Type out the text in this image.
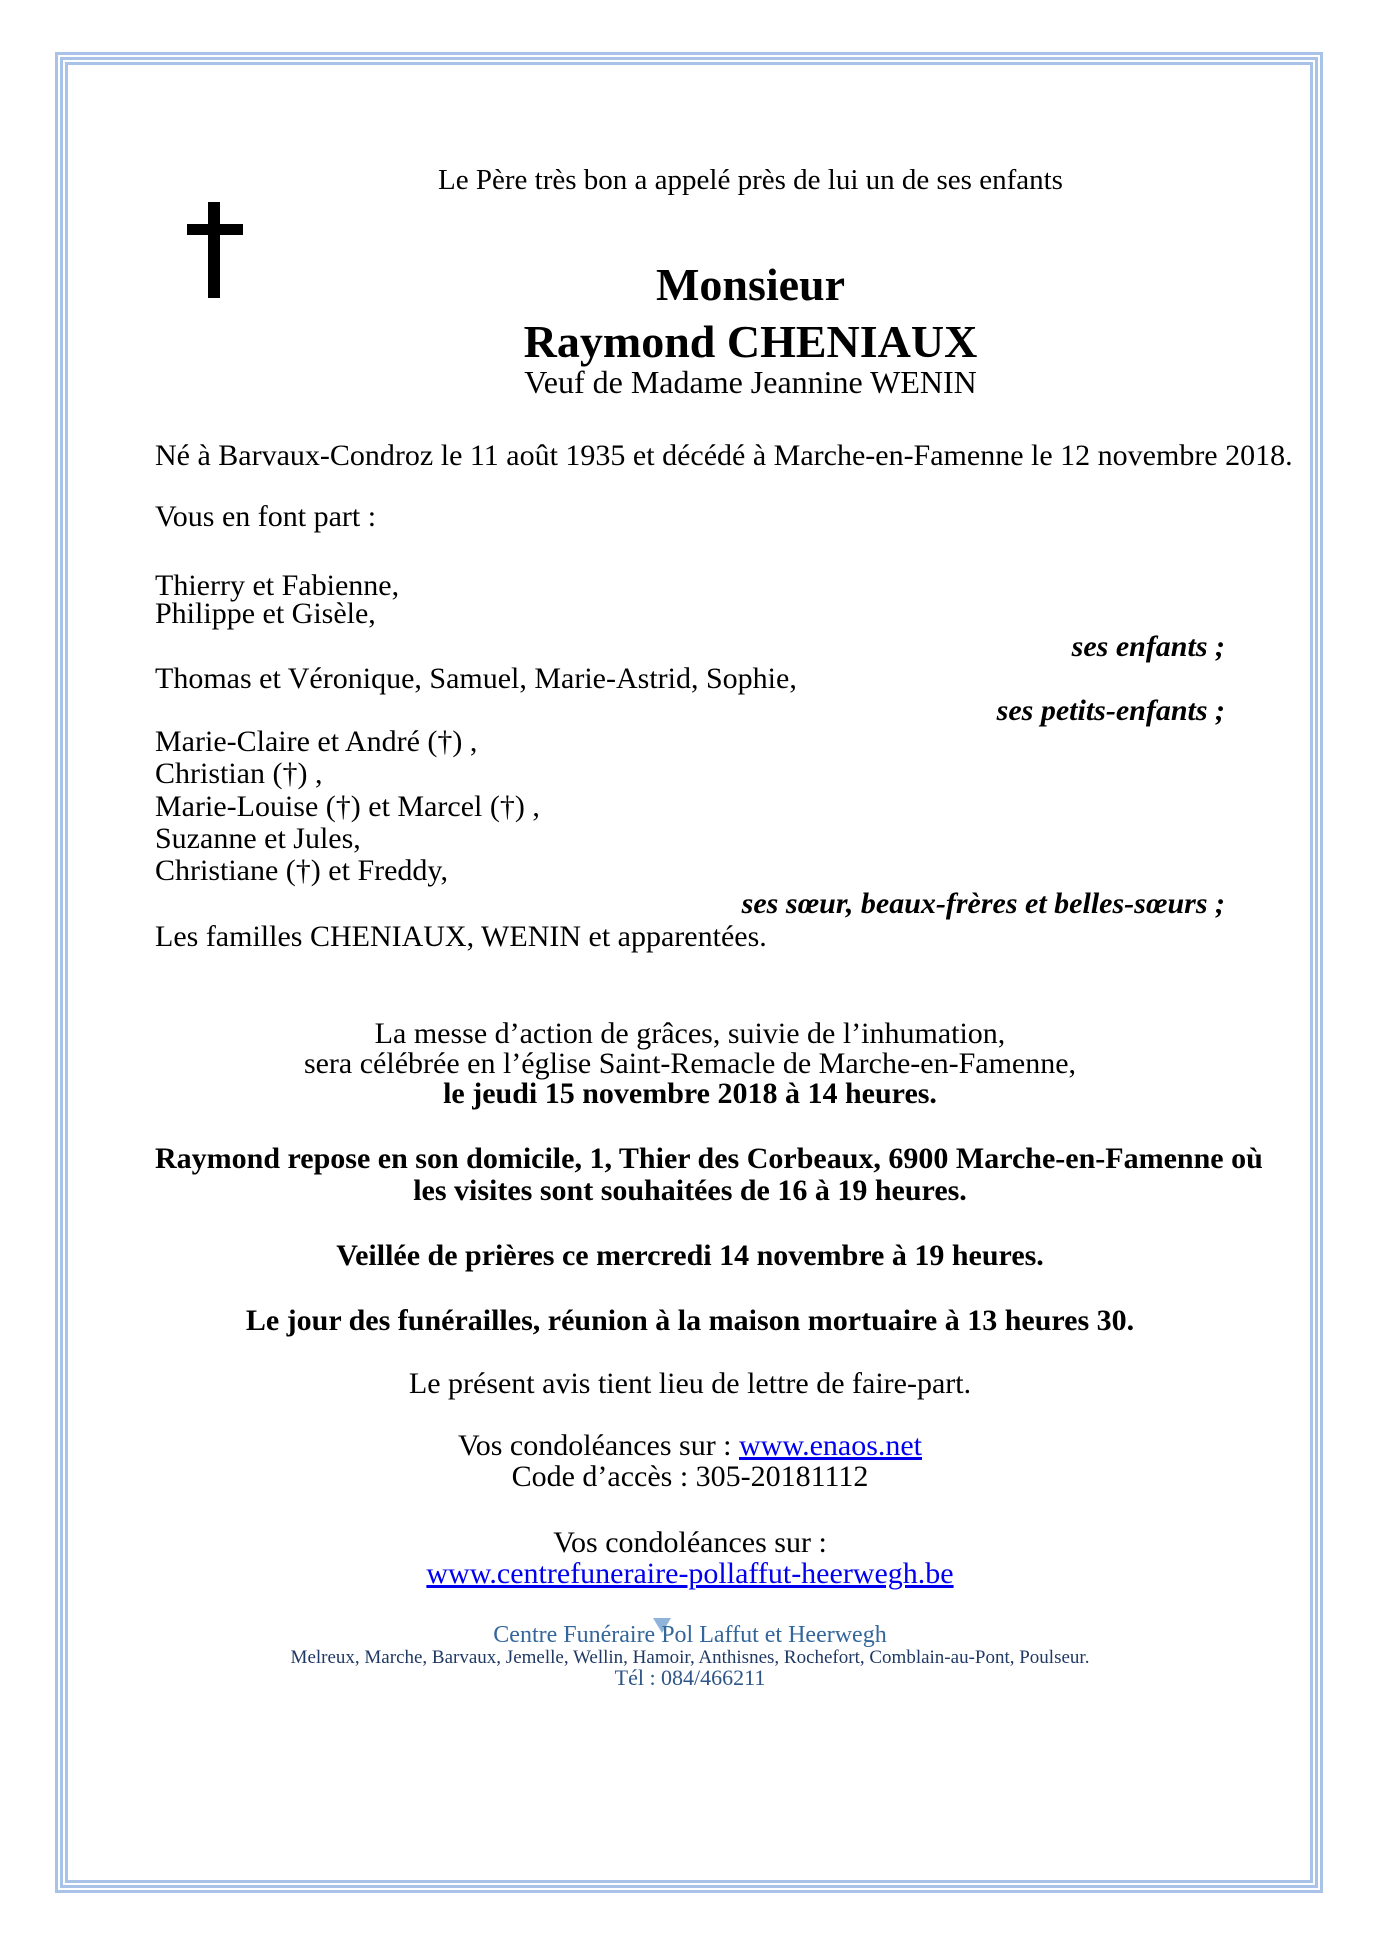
Le Père très bon a appelé près de lui un de ses enfants
Monsieur
Raymond CHENIAUX
Veuf de Madame Jeannine WENIN
Né à Barvaux-Condroz le 11 août 1935 et décédé à Marche-en-Famenne le 12 novembre 2018.
Vous en font part :
Thierry et Fabienne,
Philippe et Gisèle,
ses enfants ;
Thomas et Véronique, Samuel, Marie-Astrid, Sophie,
ses petits-enfants ;
Marie-Claire et André (†) ,
Christian (†) ,
Marie-Louise (†) et Marcel (†) ,
Suzanne et Jules,
Christiane (†) et Freddy,
ses sœur, beaux-frères et belles-sœurs ;
Les familles CHENIAUX, WENIN et apparentées.
La messe d’action de grâces, suivie de l’inhumation,
sera célébrée en l’église Saint-Remacle de Marche-en-Famenne,
le jeudi 15 novembre 2018 à 14 heures.
Raymond repose en son domicile, 1, Thier des Corbeaux, 6900 Marche-en-Famenne où
les visites sont souhaitées de 16 à 19 heures.
Veillée de prières ce mercredi 14 novembre à 19 heures.
Le jour des funérailles, réunion à la maison mortuaire à 13 heures 30.
Le présent avis tient lieu de lettre de faire-part.
Vos condoléances sur : www.enaos.net
Code d’accès : 305-20181112
Vos condoléances sur :
www.centrefuneraire-pollaffut-heerwegh.be
Centre Funéraire Pol Laffut et Heerwegh
Melreux, Marche, Barvaux, Jemelle, Wellin, Hamoir, Anthisnes, Rochefort, Comblain-au-Pont, Poulseur.
Tél : 084/466211
